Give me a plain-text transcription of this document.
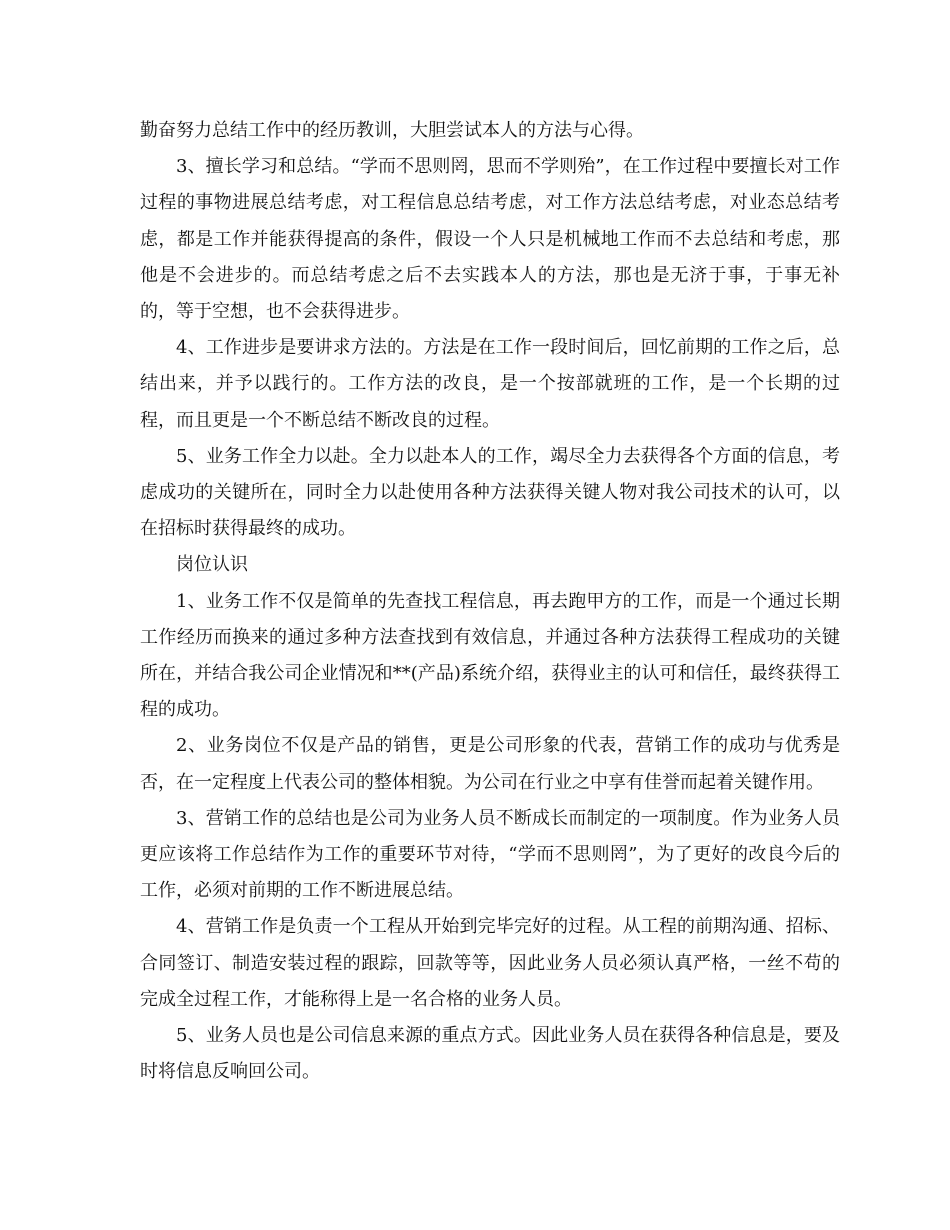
勤奋努力总结工作中的经历教训，大胆尝试本人的方法与心得。

3、擅长学习和总结。“学而不思则罔，思而不学则殆”，在工作过程中要擅长对工作过程的事物进展总结考虑，对工程信息总结考虑，对工作方法总结考虑，对业态总结考虑，都是工作并能获得提高的条件，假设一个人只是机械地工作而不去总结和考虑，那他是不会进步的。而总结考虑之后不去实践本人的方法，那也是无济于事，于事无补的，等于空想，也不会获得进步。

4、工作进步是要讲求方法的。方法是在工作一段时间后，回忆前期的工作之后，总结出来，并予以践行的。工作方法的改良，是一个按部就班的工作，是一个长期的过程，而且更是一个不断总结不断改良的过程。

5、业务工作全力以赴。全力以赴本人的工作，竭尽全力去获得各个方面的信息，考虑成功的关键所在，同时全力以赴使用各种方法获得关键人物对我公司技术的认可，以在招标时获得最终的成功。

岗位认识

1、业务工作不仅是简单的先查找工程信息，再去跑甲方的工作，而是一个通过长期工作经历而换来的通过多种方法查找到有效信息，并通过各种方法获得工程成功的关键所在，并结合我公司企业情况和**(产品)系统介绍，获得业主的认可和信任，最终获得工程的成功。

2、业务岗位不仅是产品的销售，更是公司形象的代表，营销工作的成功与优秀是否，在一定程度上代表公司的整体相貌。为公司在行业之中享有佳誉而起着关键作用。

3、营销工作的总结也是公司为业务人员不断成长而制定的一项制度。作为业务人员更应该将工作总结作为工作的重要环节对待，“学而不思则罔”，为了更好的改良今后的工作，必须对前期的工作不断进展总结。

4、营销工作是负责一个工程从开始到完毕完好的过程。从工程的前期沟通、招标、合同签订、制造安装过程的跟踪，回款等等，因此业务人员必须认真严格，一丝不苟的完成全过程工作，才能称得上是一名合格的业务人员。

5、业务人员也是公司信息来源的重点方式。因此业务人员在获得各种信息是，要及时将信息反响回公司。
